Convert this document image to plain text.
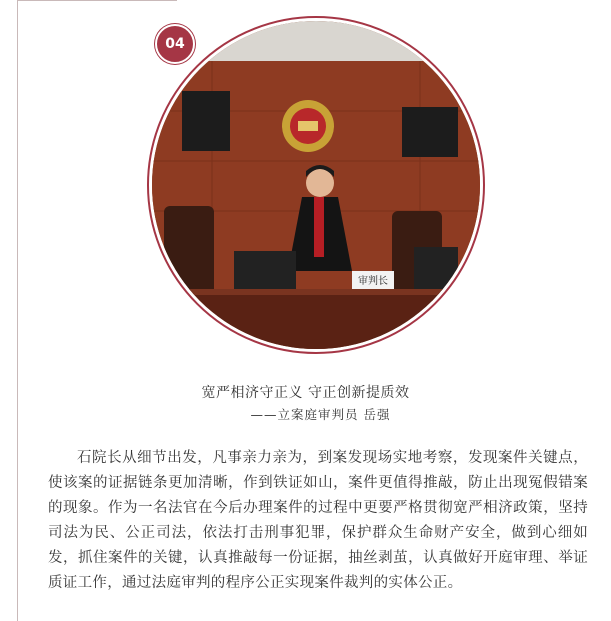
审判长
04
宽严相济守正义 守正创新提质效
——立案庭审判员 岳强

石院长从细节出发，凡事亲力亲为，到案发现场实地考察，发现案件关键点，使该案的证据链条更加清晰，作到铁证如山，案件更值得推敲，防止出现冤假错案的现象。作为一名法官在今后办理案件的过程中更要严格贯彻宽严相济政策，坚持司法为民、公正司法，依法打击刑事犯罪，保护群众生命财产安全，做到心细如发，抓住案件的关键，认真推敲每一份证据，抽丝剥茧，认真做好开庭审理、举证质证工作，通过法庭审判的程序公正实现案件裁判的实体公正。
